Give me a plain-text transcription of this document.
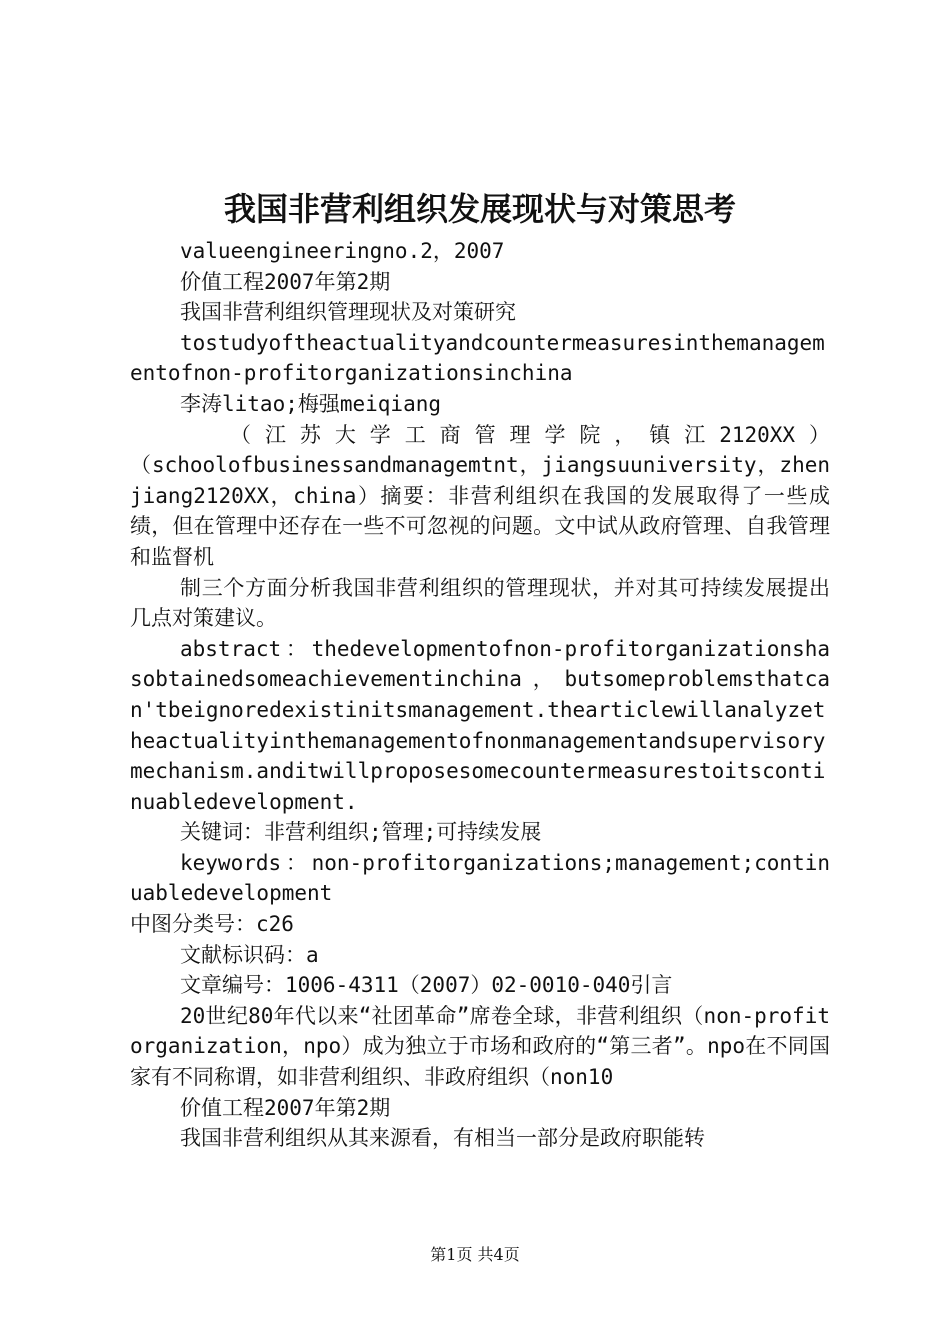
我国非营利组织发展现状与对策思考

valueengineeringno.2，2007

价值工程2007年第2期

我国非营利组织管理现状及对策研究

tostudyoftheactualityandcountermeasuresinthemanagementofnon-profitorganizationsinchina

李涛litao;梅强meiqiang

（江苏大学工商管理学院，镇江2120XX）

（schoolofbusinessandmanagemtnt，jiangsuuniversity，zhenjiang2120XX，china）摘要：非营利组织在我国的发展取得了一些成绩，但在管理中还存在一些不可忽视的问题。文中试从政府管理、自我管理和监督机

制三个方面分析我国非营利组织的管理现状，并对其可持续发展提出几点对策建议。

abstract：thedevelopmentofnon-profitorganizationshasobtainedsomeachievementinchina，butsomeproblemsthatcan'tbeignoredexistinitsmanagement.thearticlewillanalyzetheactualityinthemanagementofnonmanagementandsupervisorymechanism.anditwillproposesomecountermeasurestoitscontinuabledevelopment.

关键词：非营利组织;管理;可持续发展

keywords：non-profitorganizations;management;continuabledevelopment

中图分类号：c26

文献标识码：a

文章编号：1006-4311（2007）02-0010-040引言

20世纪80年代以来“社团革命”席卷全球，非营利组织（non-profitorganization，npo）成为独立于市场和政府的“第三者”。npo在不同国家有不同称谓，如非营利组织、非政府组织（non10

价值工程2007年第2期

我国非营利组织从其来源看，有相当一部分是政府职能转

第1页 共4页
